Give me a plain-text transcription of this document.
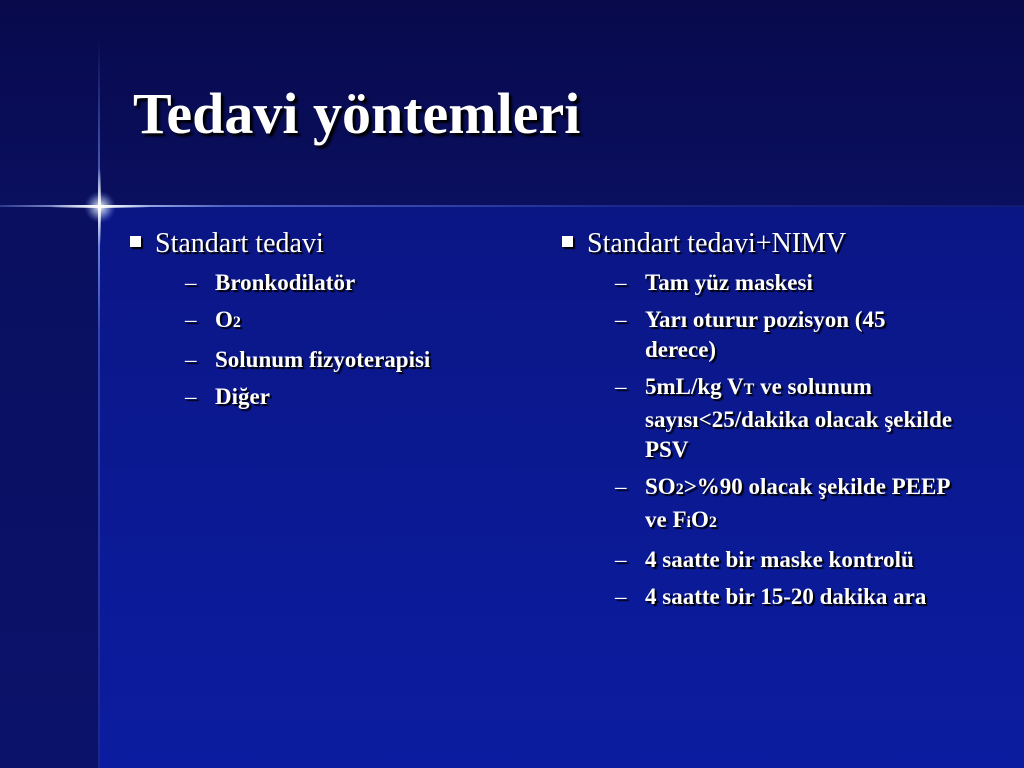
Tedavi yöntemleri
Standart tedavi
– Bronkodilatör
– O2
– Solunum fizyoterapisi
– Diğer
Standart tedavi+NIMV
– Tam yüz maskesi
– Yarı oturur pozisyon (45 derece)
– 5mL/kg VT ve solunum sayısı<25/dakika olacak şekilde PSV
– SO2>%90 olacak şekilde PEEP ve FiO2
– 4 saatte bir maske kontrolü
– 4 saatte bir 15-20 dakika ara
